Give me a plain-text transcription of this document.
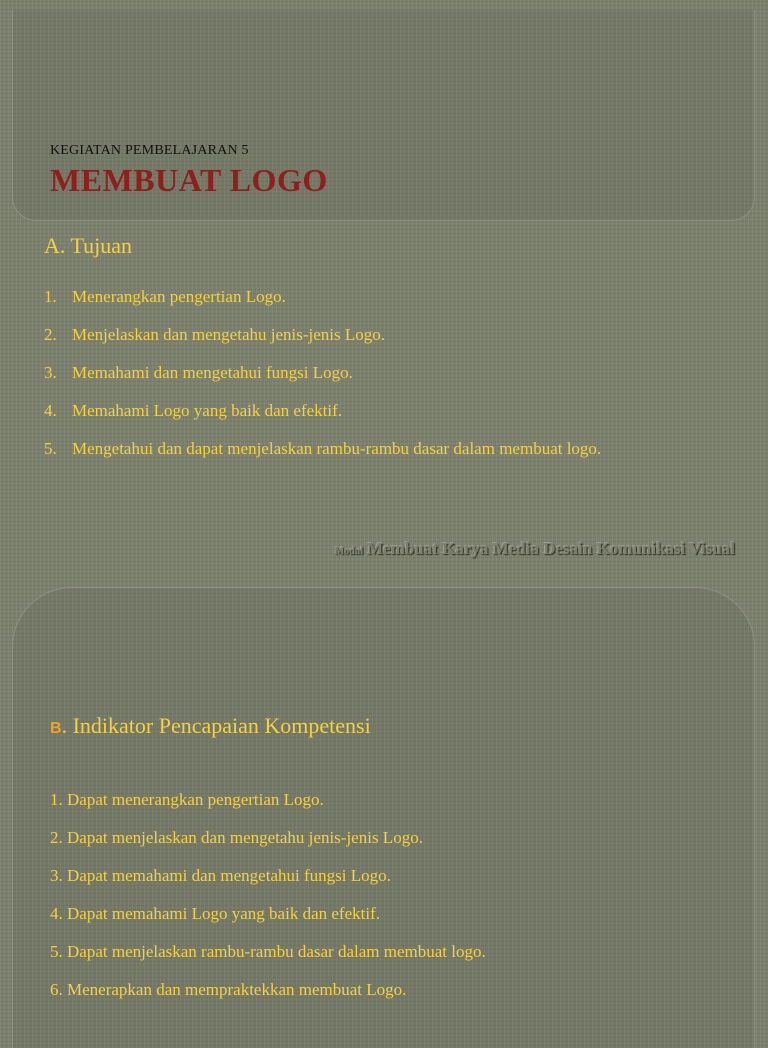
KEGIATAN PEMBELAJARAN 5
MEMBUAT LOGO
A. Tujuan
1. Menerangkan pengertian Logo.
2. Menjelaskan dan mengetahu jenis-jenis Logo.
3. Memahami dan mengetahui fungsi Logo.
4. Memahami Logo yang baik dan efektif.
5. Mengetahui dan dapat menjelaskan rambu-rambu dasar dalam membuat logo.
Modul Membuat Karya Media Desain Komunikasi Visual
B. Indikator Pencapaian Kompetensi
1. Dapat menerangkan pengertian Logo.
2. Dapat menjelaskan dan mengetahu jenis-jenis Logo.
3. Dapat memahami dan mengetahui fungsi Logo.
4. Dapat memahami Logo yang baik dan efektif.
5. Dapat menjelaskan rambu-rambu dasar dalam membuat logo.
6. Menerapkan dan mempraktekkan membuat Logo.
